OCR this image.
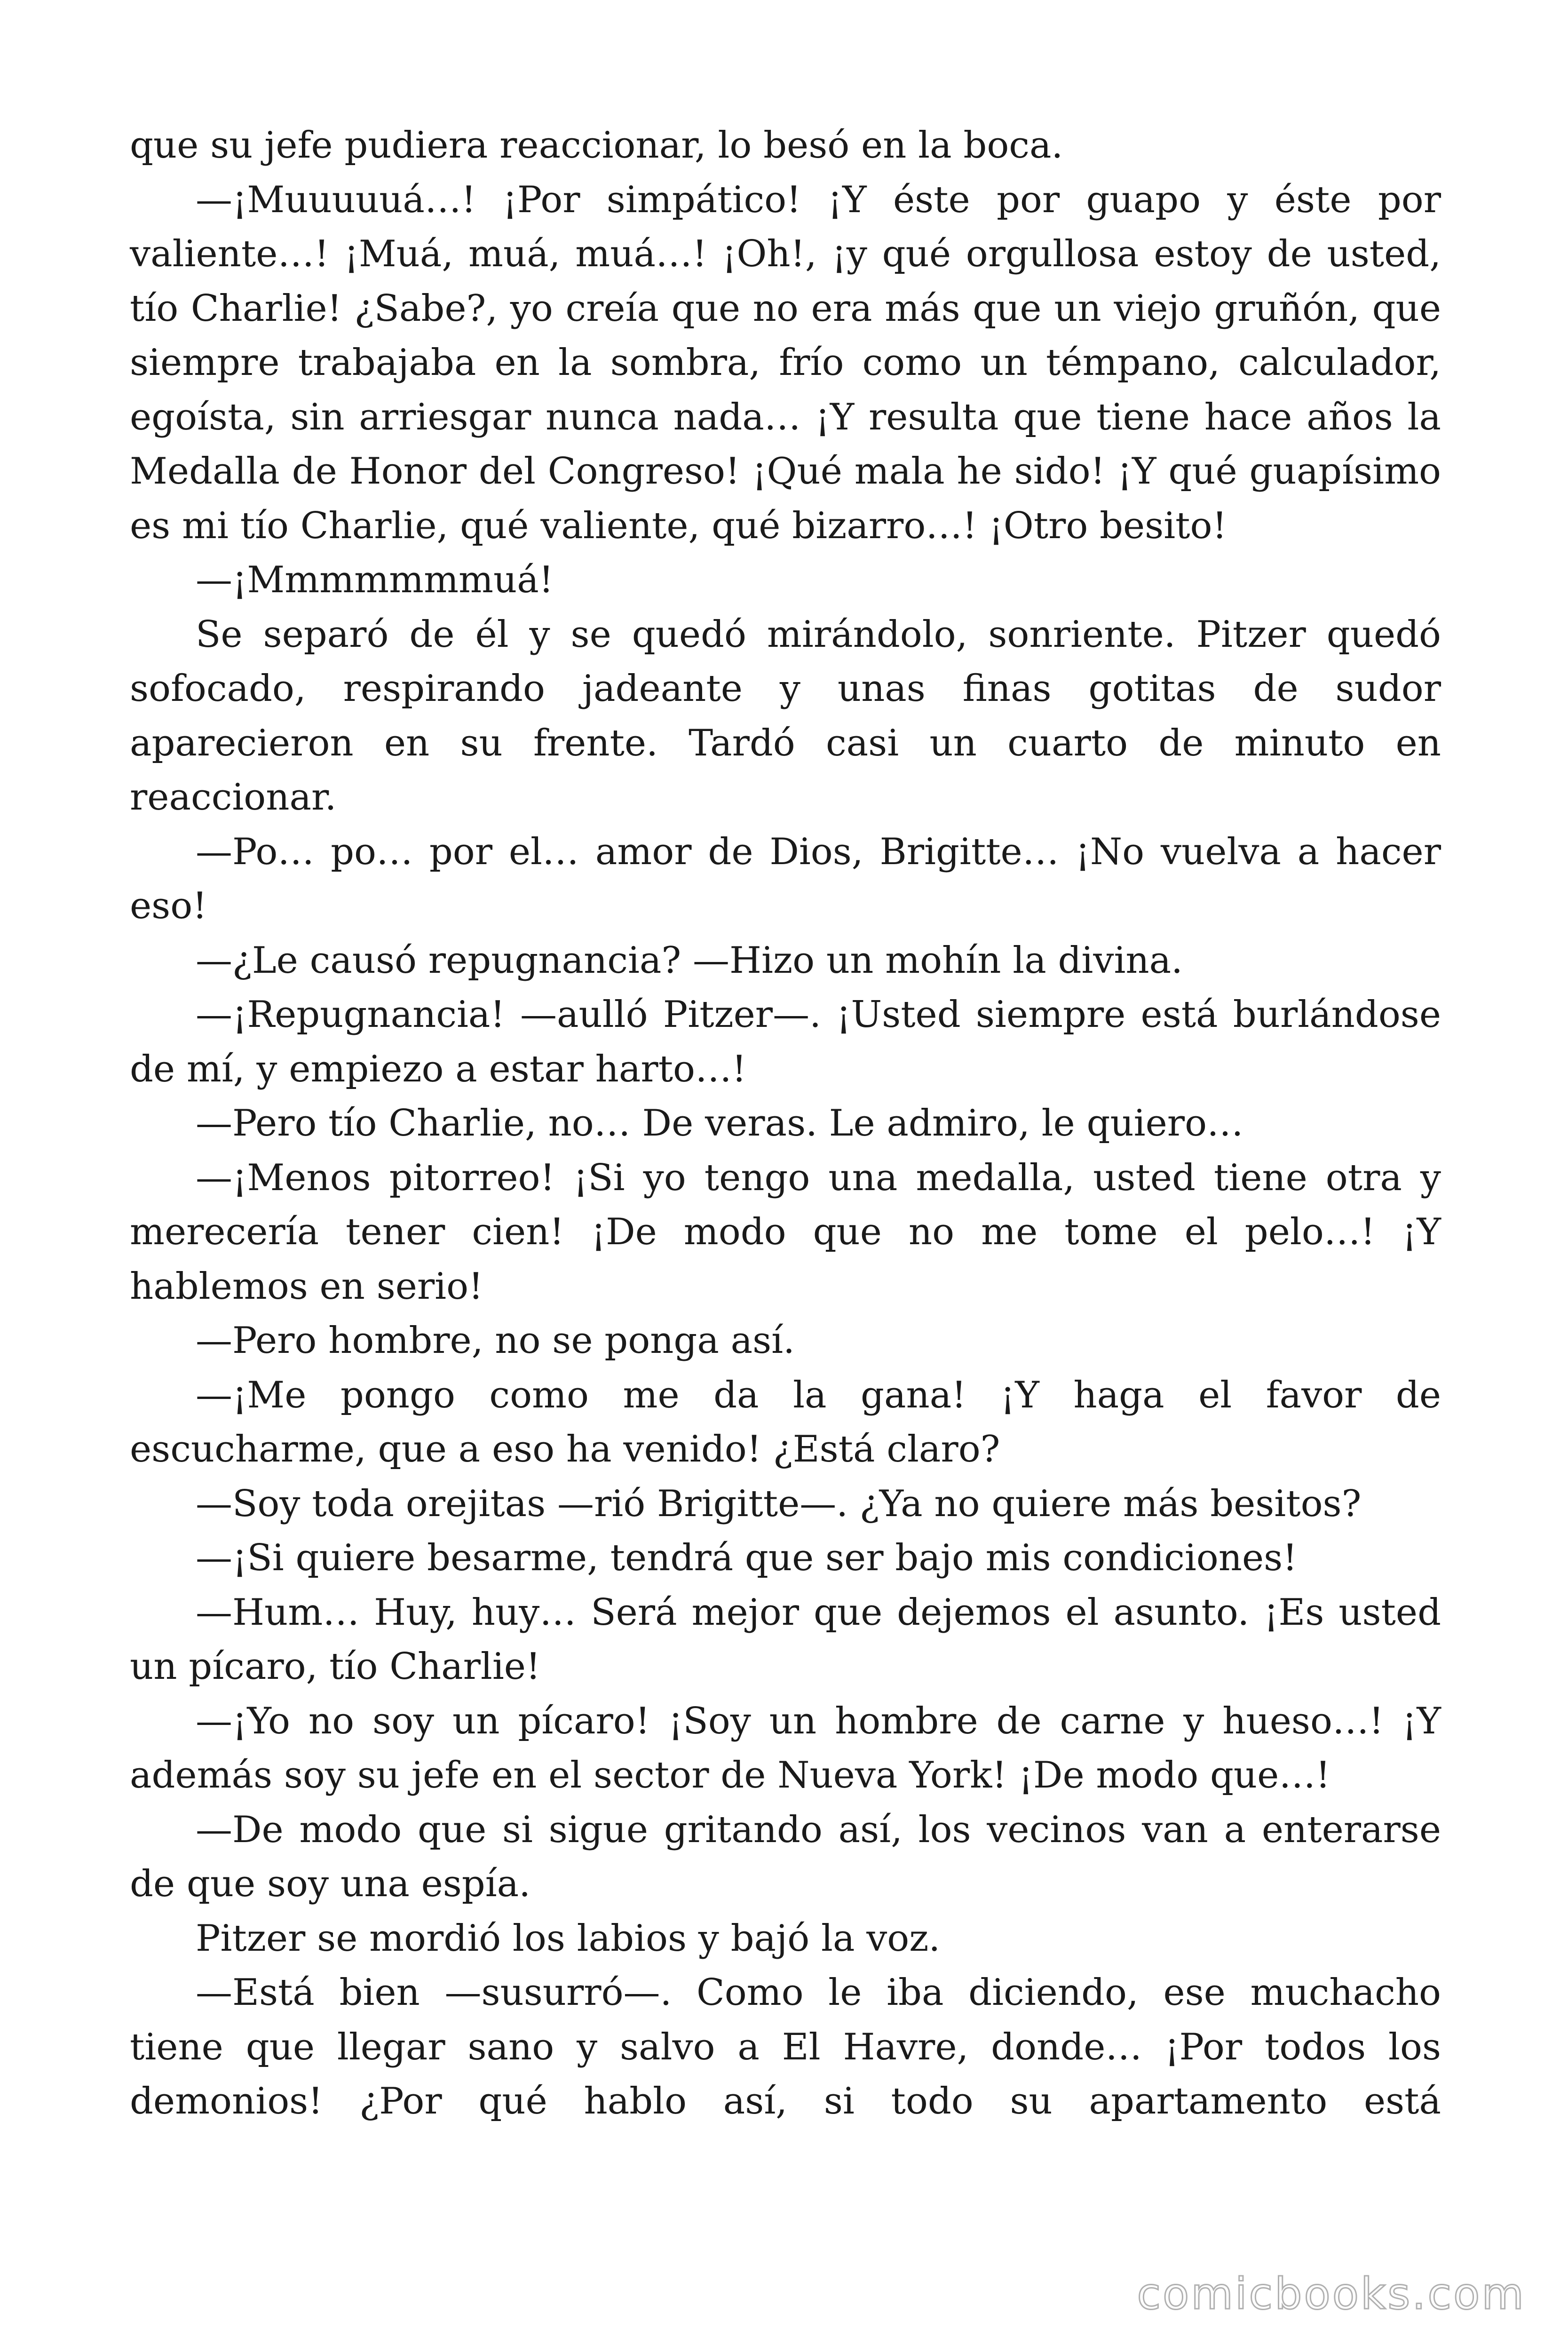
que su jefe pudiera reaccionar, lo besó en la boca.

—¡Muuuuuá…! ¡Por simpático! ¡Y éste por guapo y éste por valiente…! ¡Muá, muá, muá…! ¡Oh!, ¡y qué orgullosa estoy de usted, tío Charlie! ¿Sabe?, yo creía que no era más que un viejo gruñón, que siempre trabajaba en la sombra, frío como un témpano, calculador, egoísta, sin arriesgar nunca nada… ¡Y resulta que tiene hace años la Medalla de Honor del Congreso! ¡Qué mala he sido! ¡Y qué guapísimo es mi tío Charlie, qué valiente, qué bizarro…! ¡Otro besito!

—¡Mmmmmmmuá!

Se separó de él y se quedó mirándolo, sonriente. Pitzer quedó sofocado, respirando jadeante y unas finas gotitas de sudor aparecieron en su frente. Tardó casi un cuarto de minuto en reaccionar.

—Po… po… por el… amor de Dios, Brigitte… ¡No vuelva a hacer eso!

—¿Le causó repugnancia? —Hizo un mohín la divina.

—¡Repugnancia! —aulló Pitzer—. ¡Usted siempre está burlándose de mí, y empiezo a estar harto…!

—Pero tío Charlie, no… De veras. Le admiro, le quiero…

—¡Menos pitorreo! ¡Si yo tengo una medalla, usted tiene otra y merecería tener cien! ¡De modo que no me tome el pelo…! ¡Y hablemos en serio!

—Pero hombre, no se ponga así.

—¡Me pongo como me da la gana! ¡Y haga el favor de escucharme, que a eso ha venido! ¿Está claro?

—Soy toda orejitas —rió Brigitte—. ¿Ya no quiere más besitos?

—¡Si quiere besarme, tendrá que ser bajo mis condiciones!

—Hum… Huy, huy… Será mejor que dejemos el asunto. ¡Es usted un pícaro, tío Charlie!

—¡Yo no soy un pícaro! ¡Soy un hombre de carne y hueso…! ¡Y además soy su jefe en el sector de Nueva York! ¡De modo que…!

—De modo que si sigue gritando así, los vecinos van a enterarse de que soy una espía.

Pitzer se mordió los labios y bajó la voz.

—Está bien —susurró—. Como le iba diciendo, ese muchacho tiene que llegar sano y salvo a El Havre, donde… ¡Por todos los demonios! ¿Por qué hablo así, si todo su apartamento está

comicbooks.com
